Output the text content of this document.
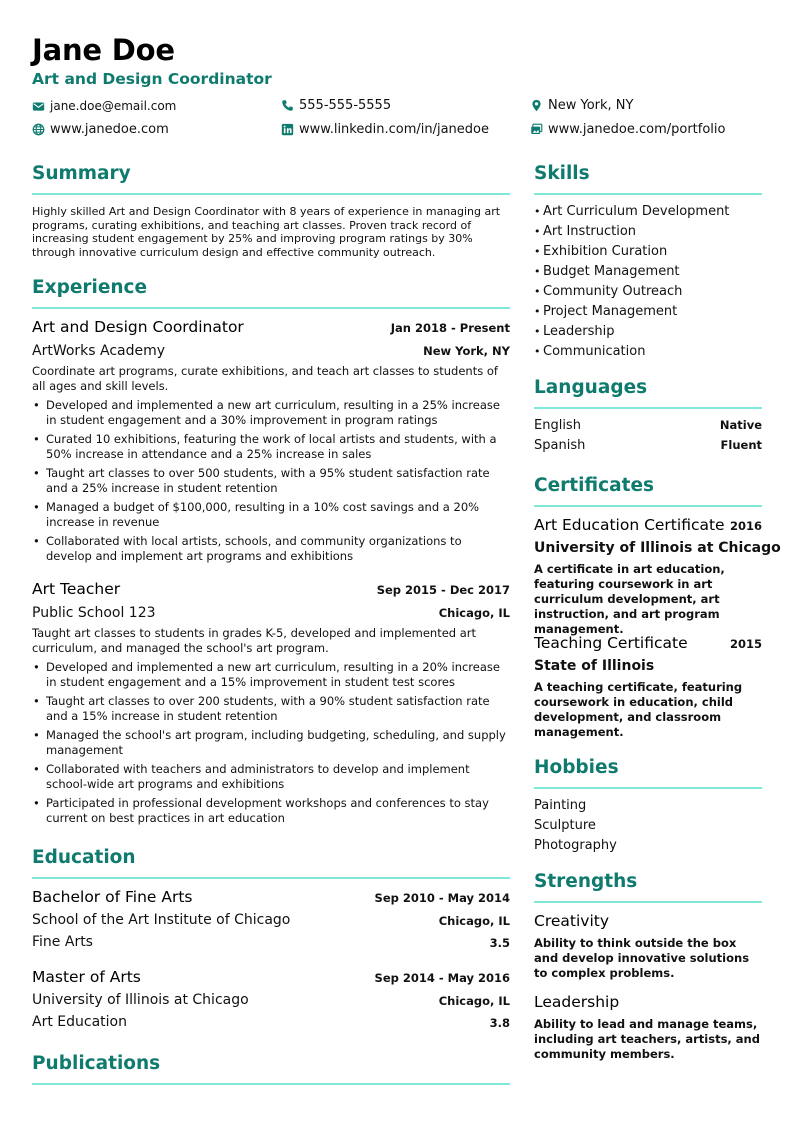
Jane Doe
Art and Design Coordinator
jane.doe@email.com	555-555-5555	New York, NY
www.janedoe.com	www.linkedin.com/in/janedoe	www.janedoe.com/portfolio
Summary
Highly skilled Art and Design Coordinator with 8 years of experience in managing art programs, curating exhibitions, and teaching art classes. Proven track record of increasing student engagement by 25% and improving program ratings by 30% through innovative curriculum design and effective community outreach.
Experience
Art and Design Coordinator	Jan 2018 - Present
ArtWorks Academy	New York, NY
Coordinate art programs, curate exhibitions, and teach art classes to students of all ages and skill levels.
• Developed and implemented a new art curriculum, resulting in a 25% increase in student engagement and a 30% improvement in program ratings
• Curated 10 exhibitions, featuring the work of local artists and students, with a 50% increase in attendance and a 25% increase in sales
• Taught art classes to over 500 students, with a 95% student satisfaction rate and a 25% increase in student retention
• Managed a budget of $100,000, resulting in a 10% cost savings and a 20% increase in revenue
• Collaborated with local artists, schools, and community organizations to develop and implement art programs and exhibitions
Art Teacher	Sep 2015 - Dec 2017
Public School 123	Chicago, IL
Taught art classes to students in grades K-5, developed and implemented art curriculum, and managed the school's art program.
• Developed and implemented a new art curriculum, resulting in a 20% increase in student engagement and a 15% improvement in student test scores
• Taught art classes to over 200 students, with a 90% student satisfaction rate and a 15% increase in student retention
• Managed the school's art program, including budgeting, scheduling, and supply management
• Collaborated with teachers and administrators to develop and implement school-wide art programs and exhibitions
• Participated in professional development workshops and conferences to stay current on best practices in art education
Education
Bachelor of Fine Arts	Sep 2010 - May 2014
School of the Art Institute of Chicago	Chicago, IL
Fine Arts	3.5
Master of Arts	Sep 2014 - May 2016
University of Illinois at Chicago	Chicago, IL
Art Education	3.8
Publications
Skills
• Art Curriculum Development
• Art Instruction
• Exhibition Curation
• Budget Management
• Community Outreach
• Project Management
• Leadership
• Communication
Languages
English	Native
Spanish	Fluent
Certificates
Art Education Certificate 2016
University of Illinois at Chicago
A certificate in art education, featuring coursework in art curriculum development, art instruction, and art program management.
Teaching Certificate	2015
State of Illinois
A teaching certificate, featuring coursework in education, child development, and classroom management.
Hobbies
Painting
Sculpture
Photography
Strengths
Creativity
Ability to think outside the box and develop innovative solutions to complex problems.
Leadership
Ability to lead and manage teams, including art teachers, artists, and community members.
